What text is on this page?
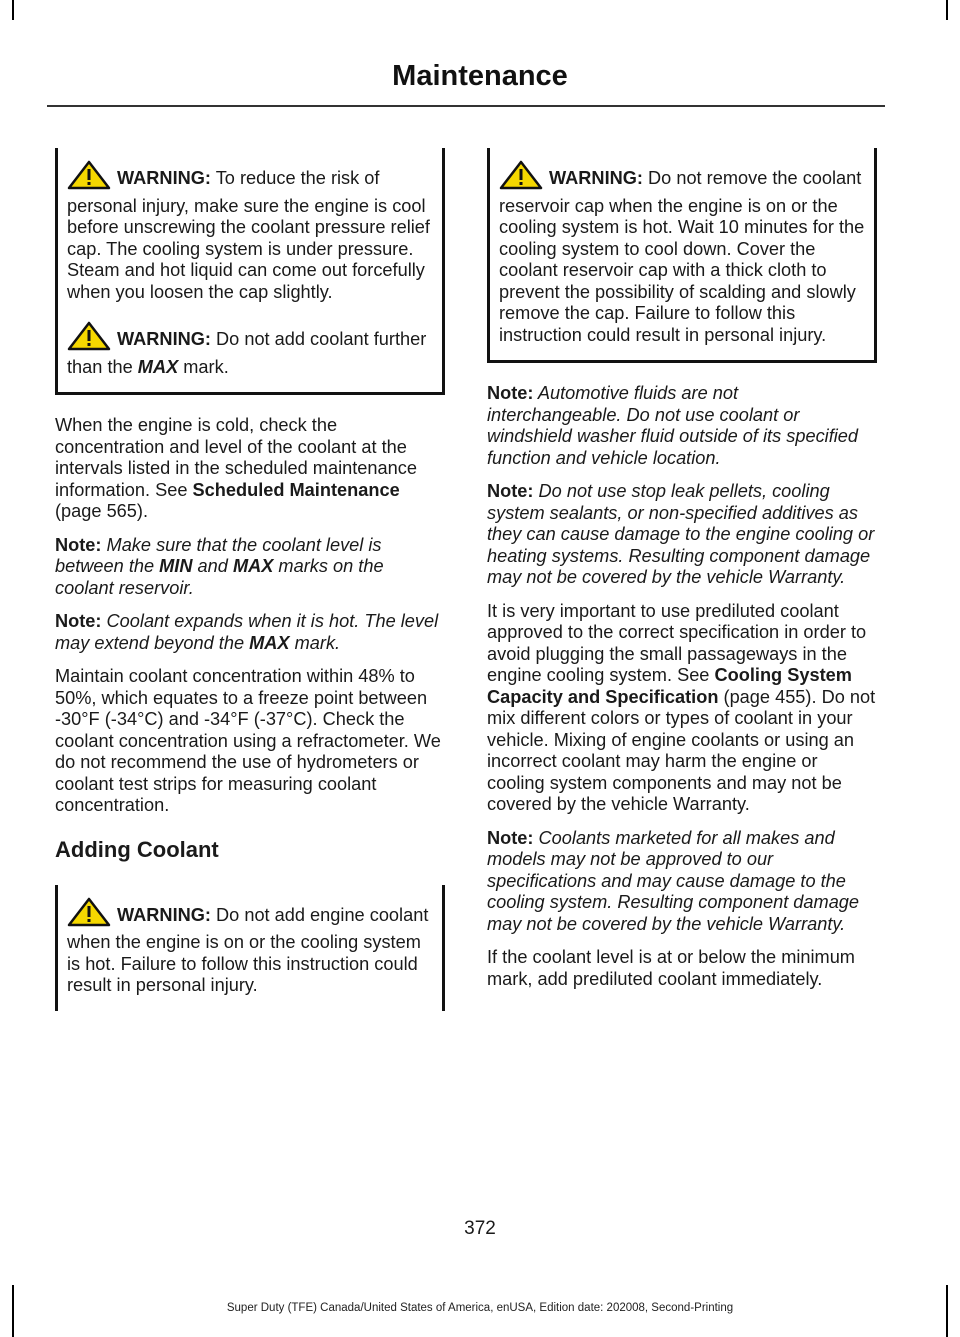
Maintenance
WARNING: To reduce the risk of personal injury, make sure the engine is cool before unscrewing the coolant pressure relief cap. The cooling system is under pressure. Steam and hot liquid can come out forcefully when you loosen the cap slightly.
WARNING: Do not add coolant further than the MAX mark.

When the engine is cold, check the concentration and level of the coolant at the intervals listed in the scheduled maintenance information. See Scheduled Maintenance (page 565).

Note: Make sure that the coolant level is between the MIN and MAX marks on the coolant reservoir.

Note: Coolant expands when it is hot. The level may extend beyond the MAX mark.

Maintain coolant concentration within 48% to 50%, which equates to a freeze point between -30°F (-34°C) and -34°F (-37°C). Check the coolant concentration using a refractometer. We do not recommend the use of hydrometers or coolant test strips for measuring coolant concentration.

Adding Coolant
WARNING: Do not add engine coolant when the engine is on or the cooling system is hot. Failure to follow this instruction could result in personal injury.
WARNING: Do not remove the coolant reservoir cap when the engine is on or the cooling system is hot. Wait 10 minutes for the cooling system to cool down. Cover the coolant reservoir cap with a thick cloth to prevent the possibility of scalding and slowly remove the cap. Failure to follow this instruction could result in personal injury.

Note: Automotive fluids are not interchangeable. Do not use coolant or windshield washer fluid outside of its specified function and vehicle location.

Note: Do not use stop leak pellets, cooling system sealants, or non-specified additives as they can cause damage to the engine cooling or heating systems. Resulting component damage may not be covered by the vehicle Warranty.

It is very important to use prediluted coolant approved to the correct specification in order to avoid plugging the small passageways in the engine cooling system. See Cooling System Capacity and Specification (page 455). Do not mix different colors or types of coolant in your vehicle. Mixing of engine coolants or using an incorrect coolant may harm the engine or cooling system components and may not be covered by the vehicle Warranty.

Note: Coolants marketed for all makes and models may not be approved to our specifications and may cause damage to the cooling system. Resulting component damage may not be covered by the vehicle Warranty.

If the coolant level is at or below the minimum mark, add prediluted coolant immediately.

372
Super Duty (TFE) Canada/United States of America, enUSA, Edition date: 202008, Second-Printing
